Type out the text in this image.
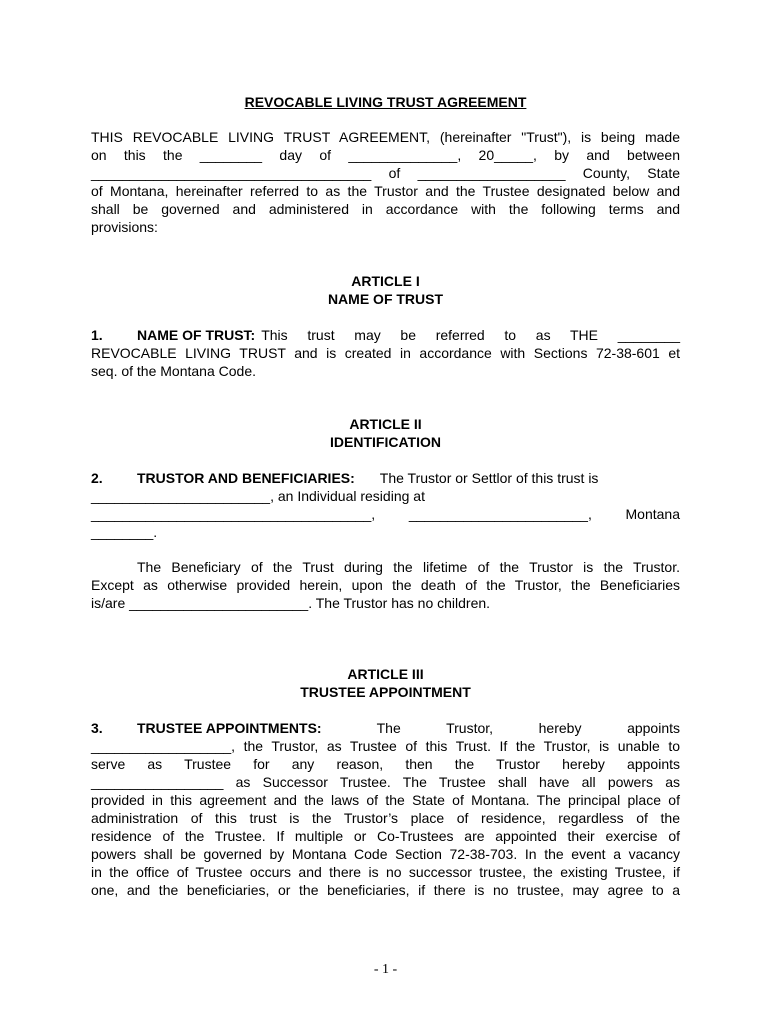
REVOCABLE LIVING TRUST AGREEMENT
THIS REVOCABLE LIVING TRUST AGREEMENT, (hereinafter "Trust"), is being made
on this the ________ day of ______________, 20_____, by and between
____________________________________ of ___________________ County, State
of Montana, hereinafter referred to as the Trustor and the Trustee designated below and
shall be governed and administered in accordance with the following terms and
provisions:
ARTICLE I
NAME OF TRUST
1. NAME OF TRUST: This trust may be referred to as THE ________
REVOCABLE LIVING TRUST and is created in accordance with Sections 72-38-601 et
seq. of the Montana Code.
ARTICLE II
IDENTIFICATION
2. TRUSTOR AND BENEFICIARIES: The Trustor or Settlor of this trust is
_______________________, an Individual residing at
____________________________________, _______________________, Montana
________.
The Beneficiary of the Trust during the lifetime of the Trustor is the Trustor.
Except as otherwise provided herein, upon the death of the Trustor, the Beneficiaries
is/are _______________________. The Trustor has no children.
ARTICLE III
TRUSTEE APPOINTMENT
3. TRUSTEE APPOINTMENTS:	The Trustor, hereby appoints
__________________, the Trustor, as Trustee of this Trust. If the Trustor, is unable to
serve as Trustee for any reason, then the Trustor hereby appoints
_________________ as Successor Trustee. The Trustee shall have all powers as
provided in this agreement and the laws of the State of Montana. The principal place of
administration of this trust is the Trustor’s place of residence, regardless of the
residence of the Trustee. If multiple or Co-Trustees are appointed their exercise of
powers shall be governed by Montana Code Section 72-38-703. In the event a vacancy
in the office of Trustee occurs and there is no successor trustee, the existing Trustee, if
one, and the beneficiaries, or the beneficiaries, if there is no trustee, may agree to a
- 1 -
